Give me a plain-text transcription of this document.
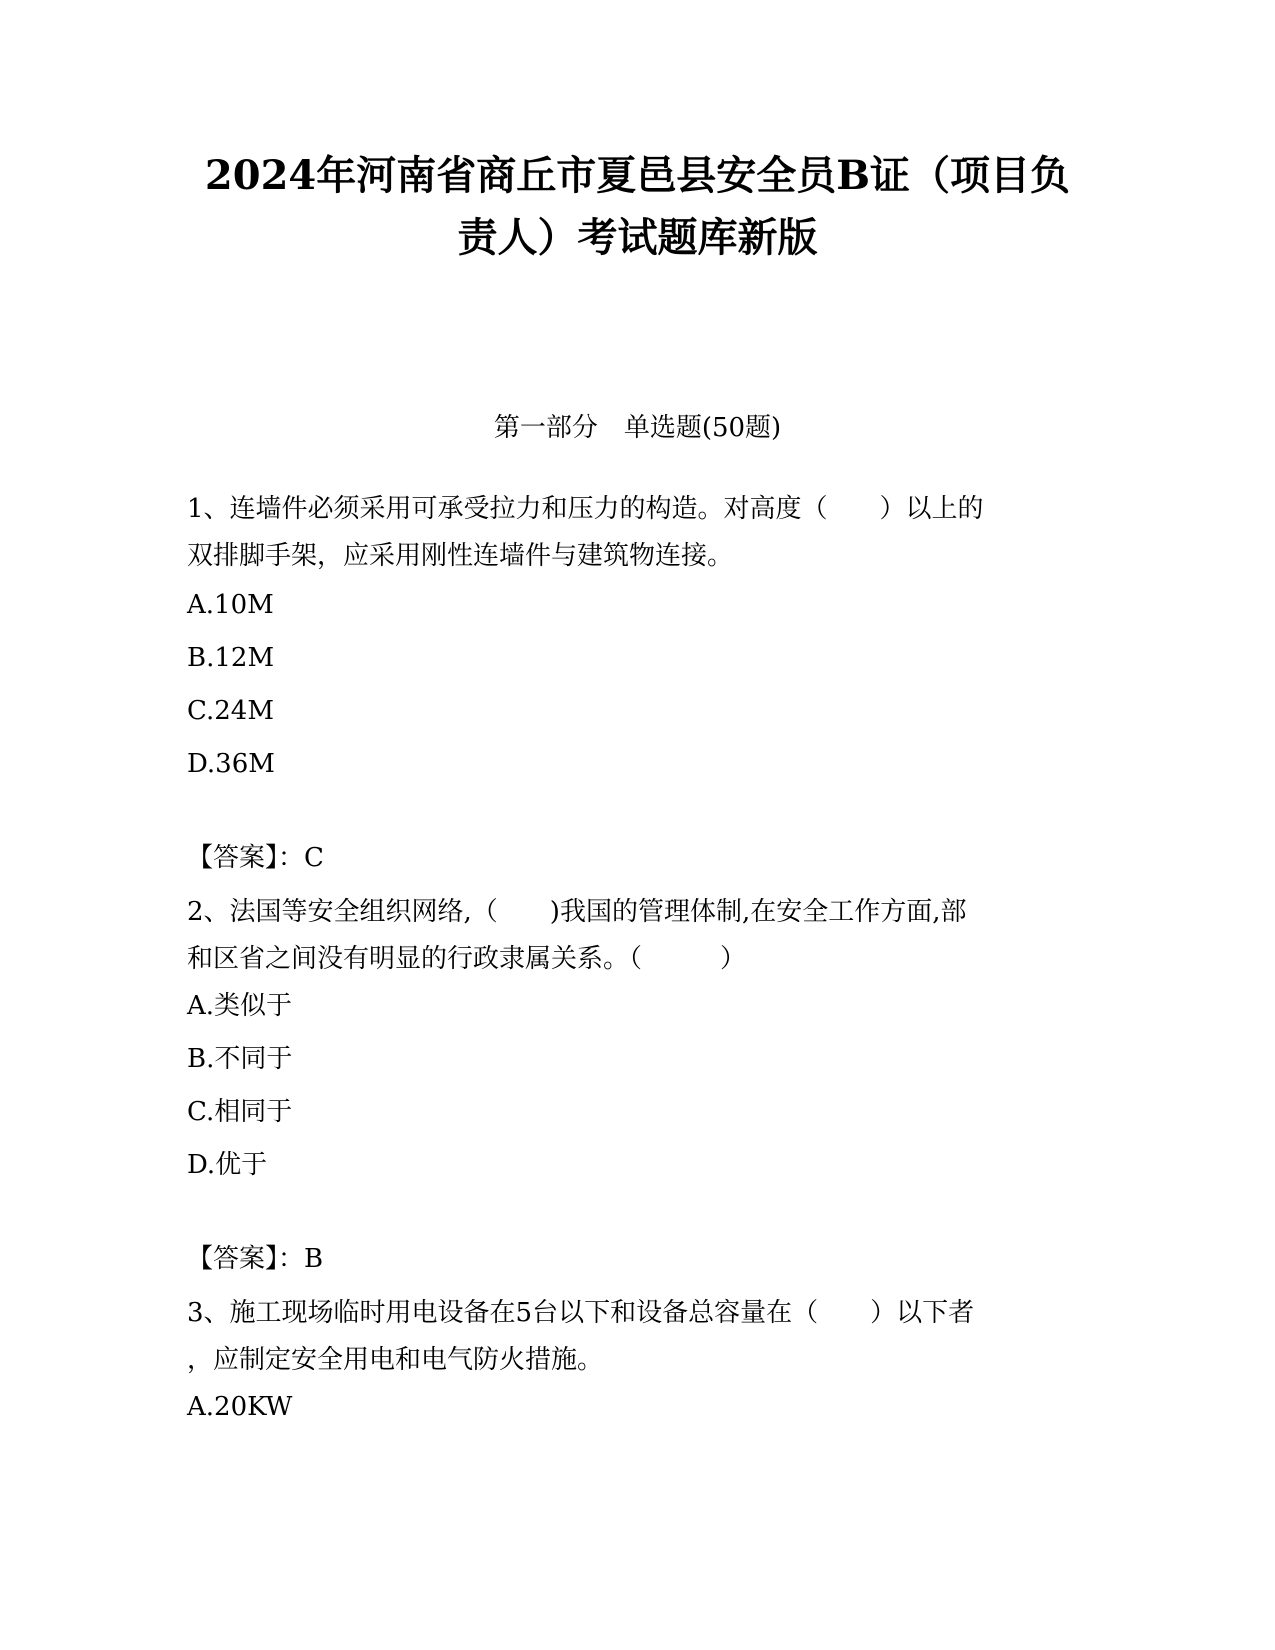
2024年河南省商丘市夏邑县安全员B证（项目负
责人）考试题库新版
第一部分　单选题(50题)
1、连墙件必须采用可承受拉力和压力的构造。对高度（　　）以上的
双排脚手架，应采用刚性连墙件与建筑物连接。
A.10M
B.12M
C.24M
D.36M
【答案】：C
2、法国等安全组织网络,（　　)我国的管理体制,在安全工作方面,部
和区省之间没有明显的行政隶属关系。（　　　）
A.类似于
B.不同于
C.相同于
D.优于
【答案】：B
3、施工现场临时用电设备在5台以下和设备总容量在（　　）以下者
，应制定安全用电和电气防火措施。
A.20KW
